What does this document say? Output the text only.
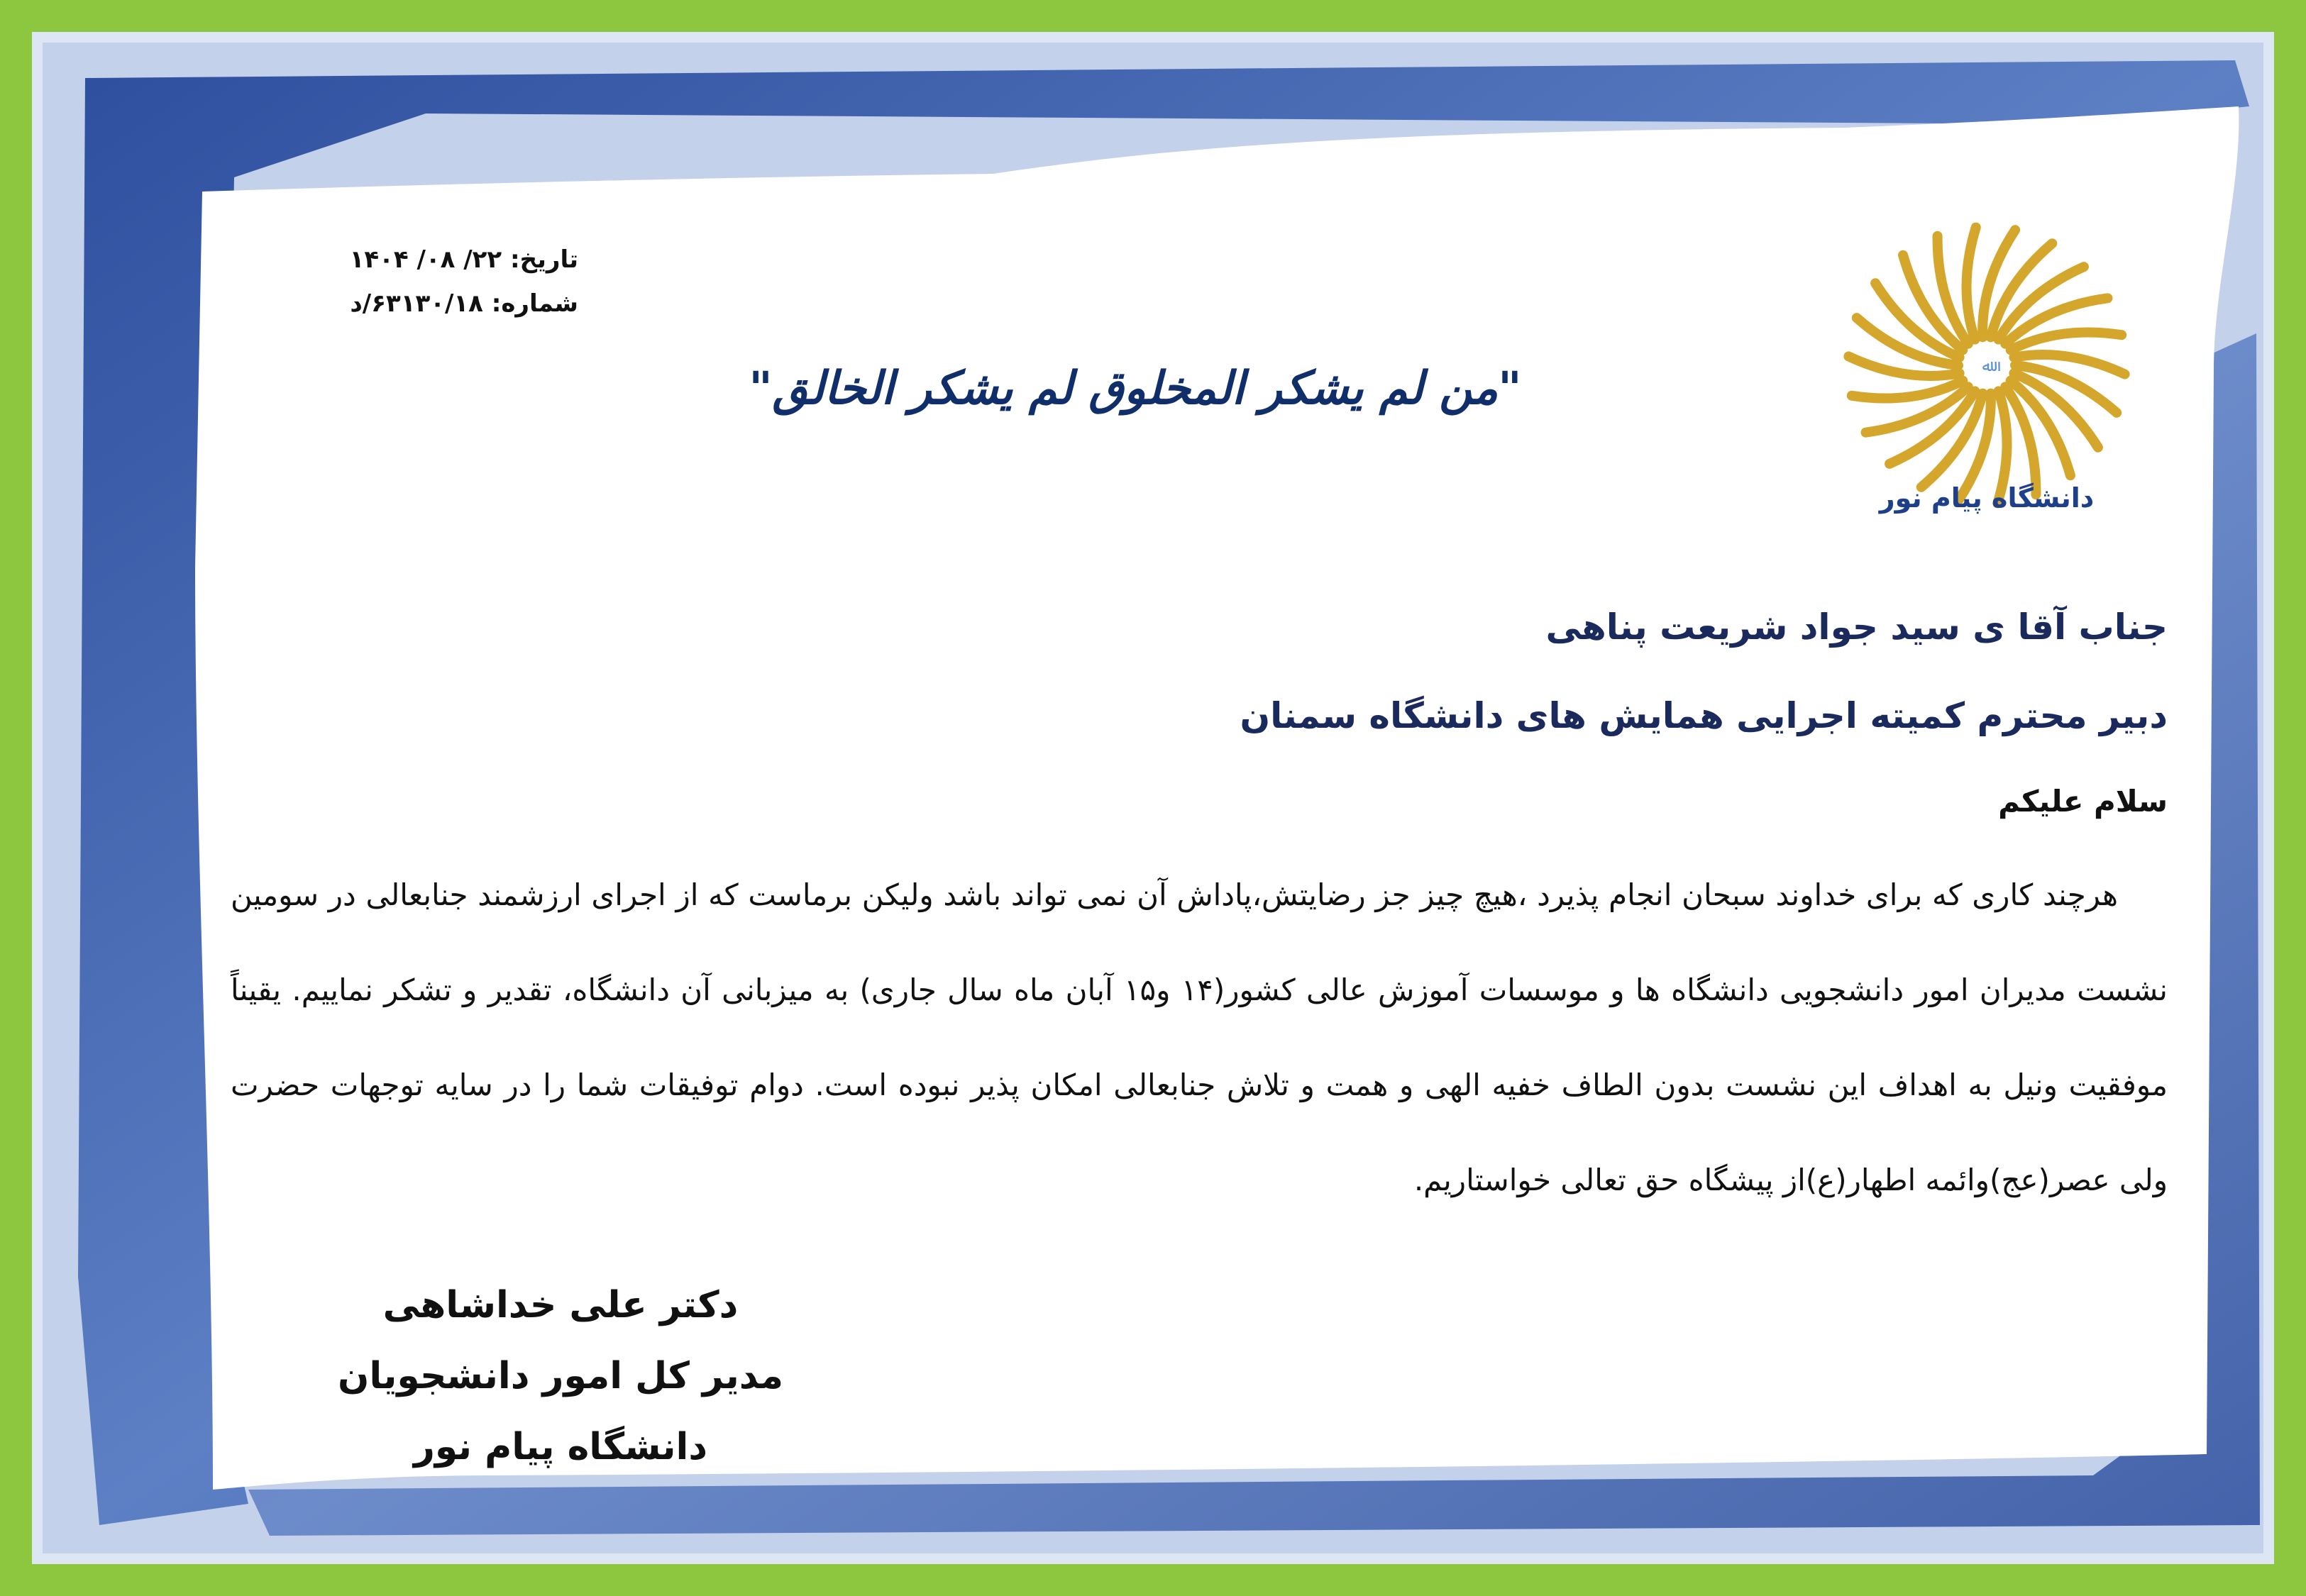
تاریخ: ۲۲/ ۰۸/ ۱۴۰۴
شماره: ۶۳۱۳۰/۱۸/د
"من لم يشكر المخلوق لم يشكر الخالق"	ﷲ
دانشگاه پیام نور
جناب آقا ی سید جواد شریعت پناهی
دبیر محترم کمیته اجرایی همایش های دانشگاه سمنان
سلام علیکم
هرچند کاری که برای خداوند سبحان انجام پذیرد ،هیچ چیز جز رضایتش،پاداش آن نمی تواند باشد ولیکن برماست که از اجرای ارزشمند جنابعالی در سومین نشست مدیران امور دانشجویی دانشگاه ها و موسسات آموزش عالی کشور(۱۴ و۱۵ آبان ماه سال جاری) به میزبانی آن دانشگاه، تقدیر و تشکر نماییم. یقیناً موفقیت ونیل به اهداف این نشست بدون الطاف خفیه الهی و همت و تلاش جنابعالی امکان پذیر نبوده است. دوام توفیقات شما را در سایه توجهات حضرت ولی عصر(عج)وائمه اطهار(ع)از پیشگاه حق تعالی خواستاریم.
دکتر علی خداشاهی
مدیر کل امور دانشجویان
دانشگاه پیام نور
